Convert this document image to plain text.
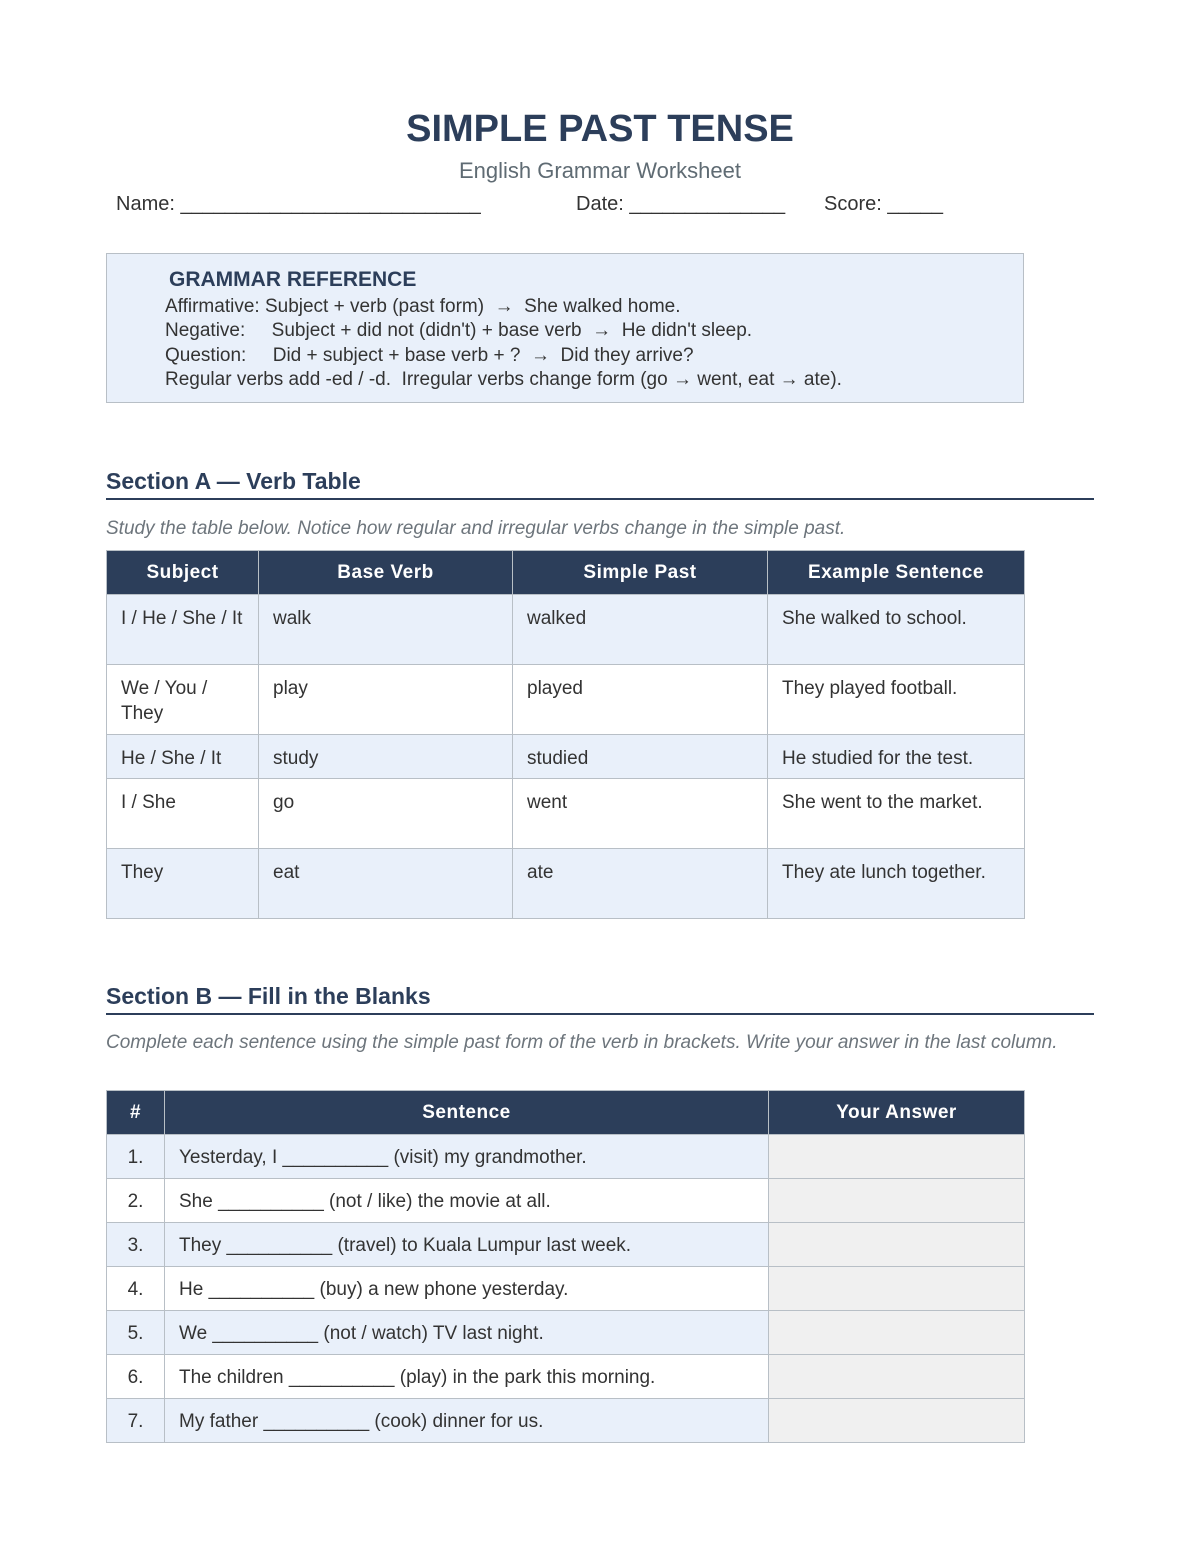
SIMPLE PAST TENSE
English Grammar Worksheet
Name: ___________________________	Date: ______________ Score: _____
GRAMMAR REFERENCE
Affirmative: Subject + verb (past form)  →  She walked home.
Negative:     Subject + did not (didn't) + base verb  →  He didn't sleep.
Question:     Did + subject + base verb + ?  →  Did they arrive?
Regular verbs add -ed / -d.  Irregular verbs change form (go → went, eat → ate).
Section A — Verb Table
Study the table below. Notice how regular and irregular verbs change in the simple past.
Subject	Base Verb	Simple Past	Example Sentence
I / He / She / It	walk	walked	She walked to school.
We / You / They	play	played	They played football.
He / She / It	study	studied	He studied for the test.
I / She	go	went	She went to the market.
They	eat	ate	They ate lunch together.
Section B — Fill in the Blanks
Complete each sentence using the simple past form of the verb in brackets. Write your answer in the last column.
#	Sentence	Your Answer
1.	Yesterday, I __________ (visit) my grandmother.	
2.	She __________ (not / like) the movie at all.	
3.	They __________ (travel) to Kuala Lumpur last week.	
4.	He __________ (buy) a new phone yesterday.	
5.	We __________ (not / watch) TV last night.	
6.	The children __________ (play) in the park this morning.	
7.	My father __________ (cook) dinner for us.	
